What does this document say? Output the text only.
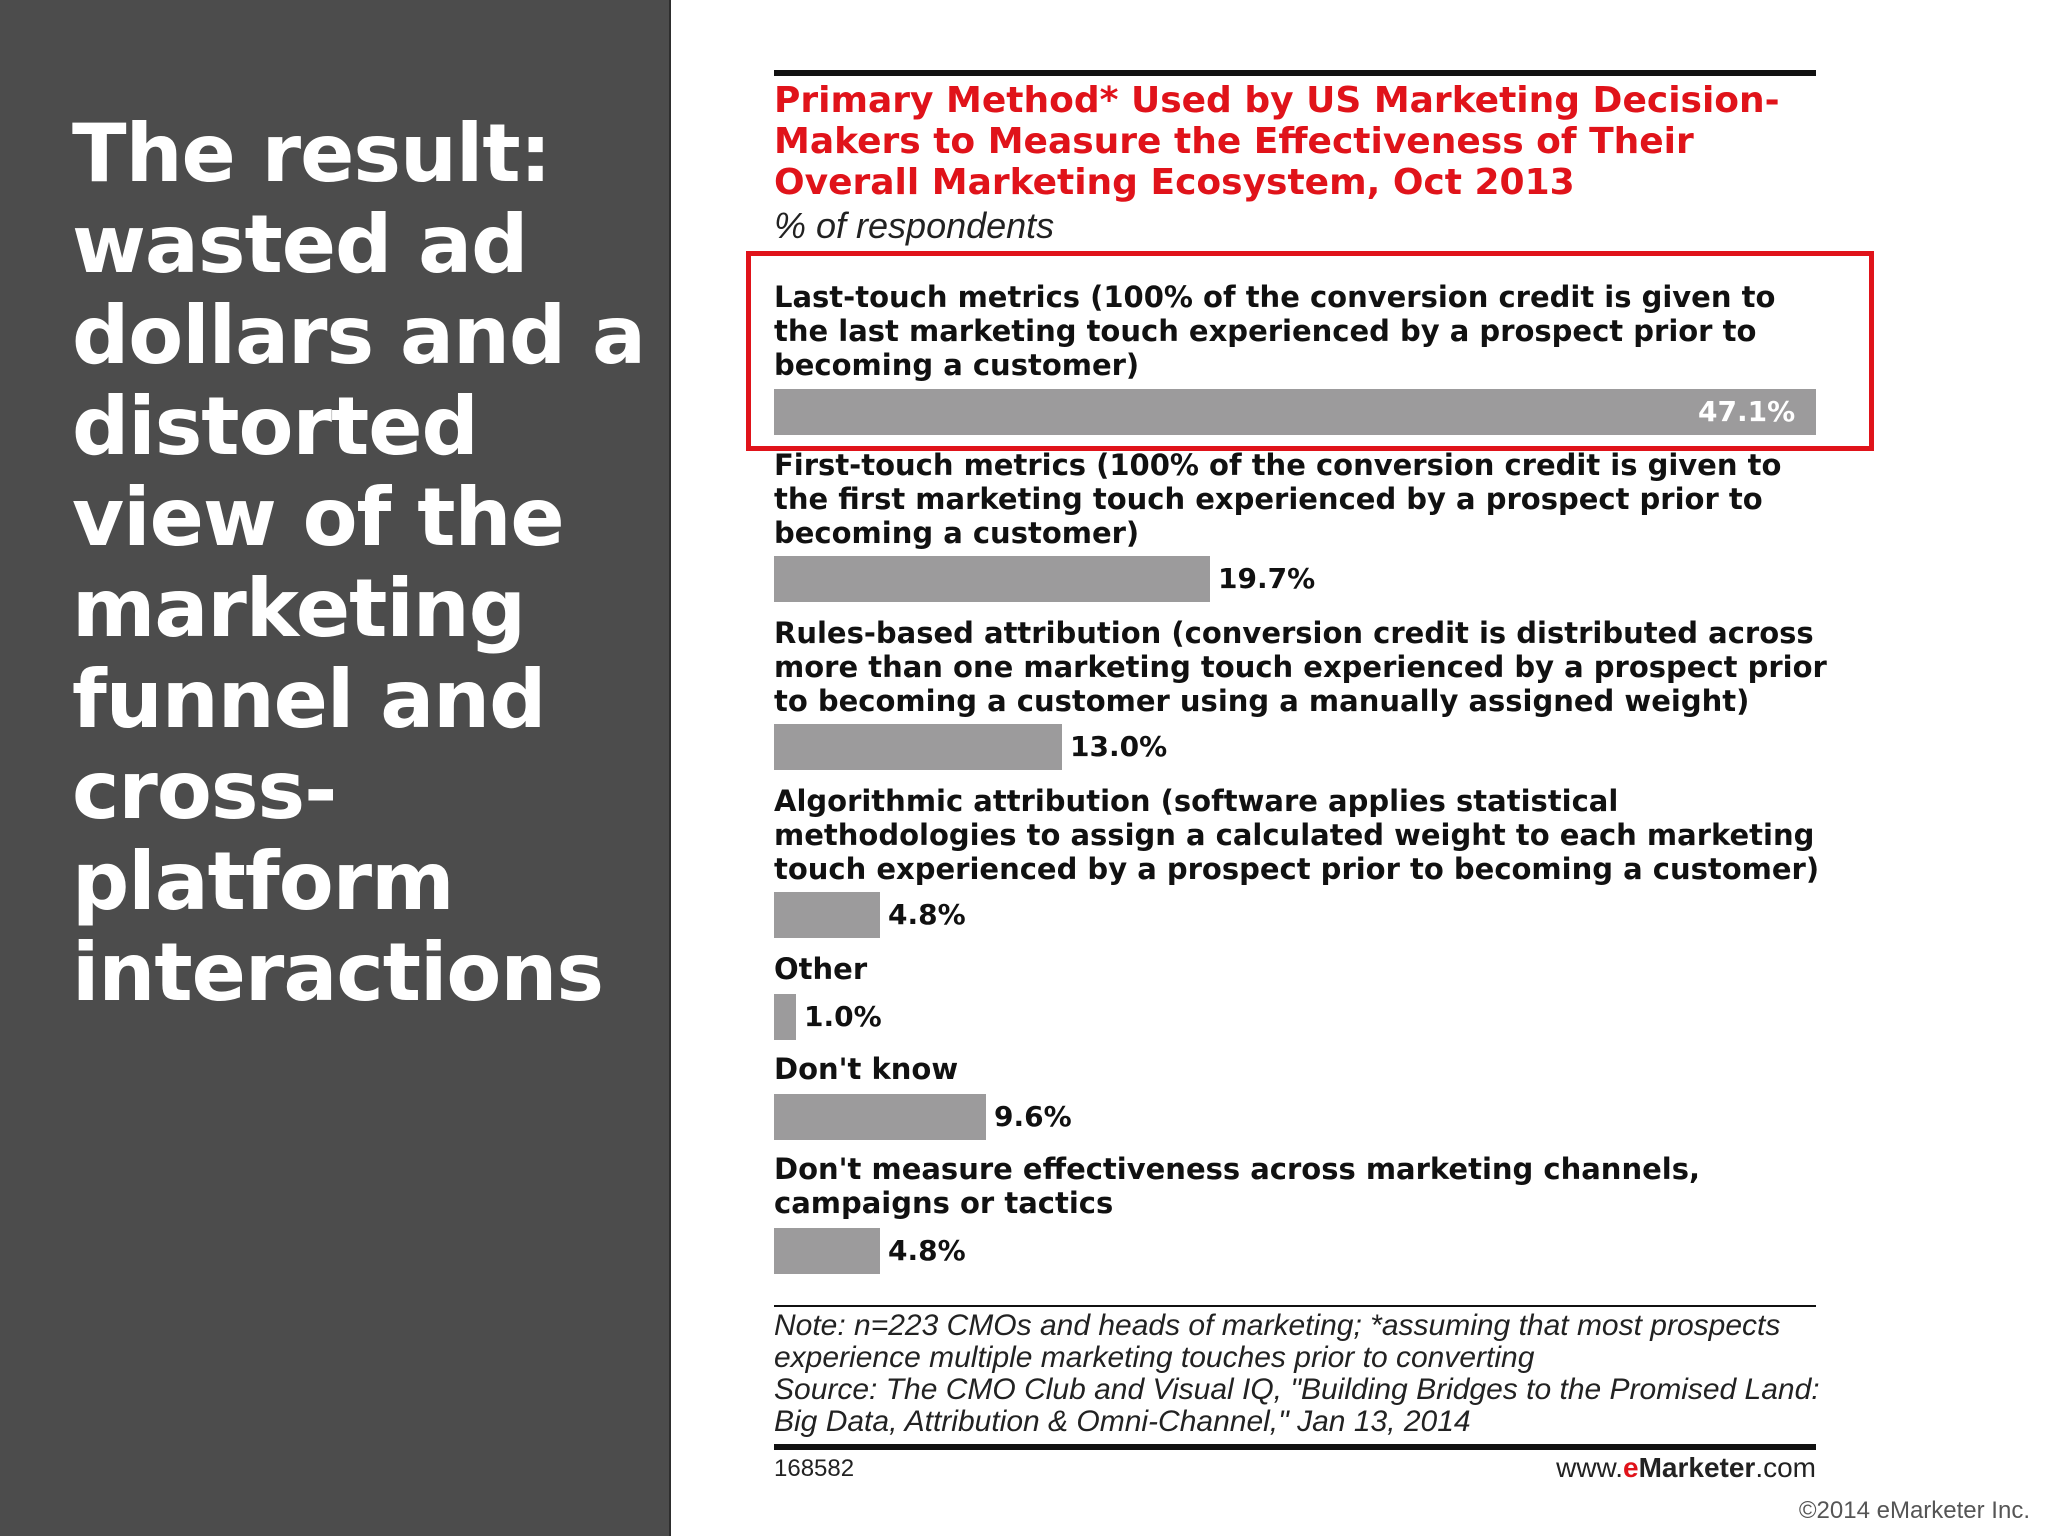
The result: wasted ad dollars and a distorted view of the marketing funnel and cross-platform interactions
Primary Method* Used by US Marketing Decision-Makers to Measure the Effectiveness of Their Overall Marketing Ecosystem, Oct 2013
% of respondents
Last-touch metrics (100% of the conversion credit is given to the last marketing touch experienced by a prospect prior to becoming a customer)
47.1%
First-touch metrics (100% of the conversion credit is given to the first marketing touch experienced by a prospect prior to becoming a customer)
19.7%
Rules-based attribution (conversion credit is distributed across more than one marketing touch experienced by a prospect prior to becoming a customer using a manually assigned weight)
13.0%
Algorithmic attribution (software applies statistical methodologies to assign a calculated weight to each marketing touch experienced by a prospect prior to becoming a customer)
4.8%
Other
1.0%
Don't know
9.6%
Don't measure effectiveness across marketing channels, campaigns or tactics
4.8%
Note: n=223 CMOs and heads of marketing; *assuming that most prospects experience multiple marketing touches prior to converting
Source: The CMO Club and Visual IQ, "Building Bridges to the Promised Land: Big Data, Attribution & Omni-Channel," Jan 13, 2014
168582	www.eMarketer.com
©2014 eMarketer Inc.
